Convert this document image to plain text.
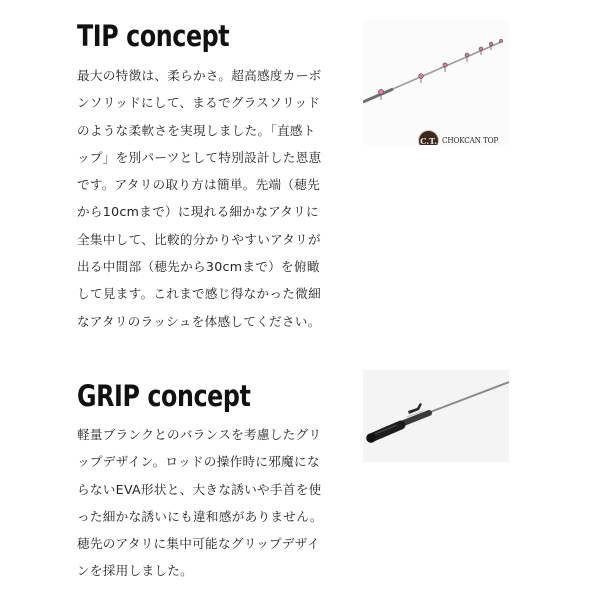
TIP concept

最大の特徴は、柔らかさ。超高感度カーボンソリッドにして、まるでグラスソリッドのような柔軟さを実現しました。「直感トップ」を別パーツとして特別設計した恩恵です。アタリの取り方は簡単。先端（穂先から10cmまで）に現れる細かなアタリに全集中して、比較的分かりやすいアタリが出る中間部（穂先から30cmまで）を俯瞰して見ます。これまで感じ得なかった微細なアタリのラッシュを体感してください。

C.T. CHOKCAN TOP
GRIP concept

軽量ブランクとのバランスを考慮したグリップデザイン。ロッドの操作時に邪魔にならないEVA形状と、大きな誘いや手首を使った細かな誘いにも違和感がありません。穂先のアタリに集中可能なグリップデザインを採用しました。
